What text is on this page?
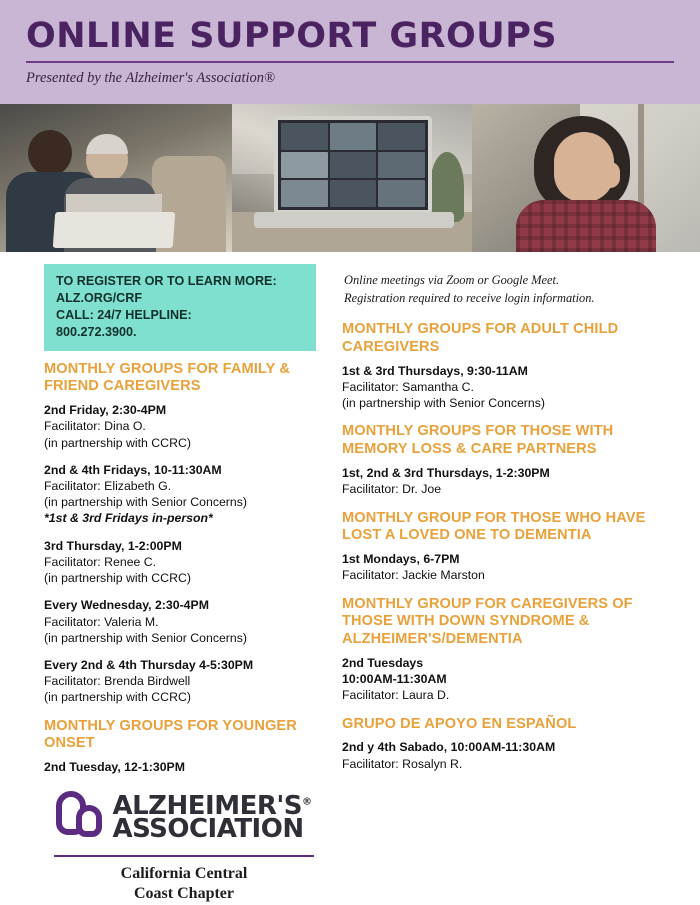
ONLINE SUPPORT GROUPS
Presented by the Alzheimer's Association®
TO REGISTER OR TO LEARN MORE:
ALZ.ORG/CRF
CALL: 24/7 HELPLINE:
800.272.3900.
MONTHLY GROUPS FOR FAMILY & FRIEND CAREGIVERS
2nd Friday, 2:30-4PM
Facilitator: Dina O.
(in partnership with CCRC)
2nd & 4th Fridays, 10-11:30AM
Facilitator: Elizabeth G.
(in partnership with Senior Concerns)
*1st & 3rd Fridays in-person*
3rd Thursday, 1-2:00PM
Facilitator: Renee C.
(in partnership with CCRC)
Every Wednesday, 2:30-4PM
Facilitator: Valeria M.
(in partnership with Senior Concerns)
Every 2nd & 4th Thursday 4-5:30PM
Facilitator: Brenda Birdwell
(in partnership with CCRC)
MONTHLY GROUPS FOR YOUNGER ONSET
2nd Tuesday, 12-1:30PM
ALZHEIMER'S®
ASSOCIATION
California Central
Coast Chapter
Online meetings via Zoom or Google Meet.
Registration required to receive login information.
MONTHLY GROUPS FOR ADULT CHILD CAREGIVERS
1st & 3rd Thursdays, 9:30-11AM
Facilitator: Samantha C.
(in partnership with Senior Concerns)
MONTHLY GROUPS FOR THOSE WITH MEMORY LOSS & CARE PARTNERS
1st, 2nd & 3rd Thursdays, 1-2:30PM
Facilitator: Dr. Joe
MONTHLY GROUP FOR THOSE WHO HAVE LOST A LOVED ONE TO DEMENTIA
1st Mondays, 6-7PM
Facilitator: Jackie Marston
MONTHLY GROUP FOR CAREGIVERS OF THOSE WITH DOWN SYNDROME & ALZHEIMER'S/DEMENTIA
2nd Tuesdays
10:00AM-11:30AM
Facilitator: Laura D.
GRUPO DE APOYO EN ESPAÑOL
2nd y 4th Sabado, 10:00AM-11:30AM
Facilitator: Rosalyn R.
